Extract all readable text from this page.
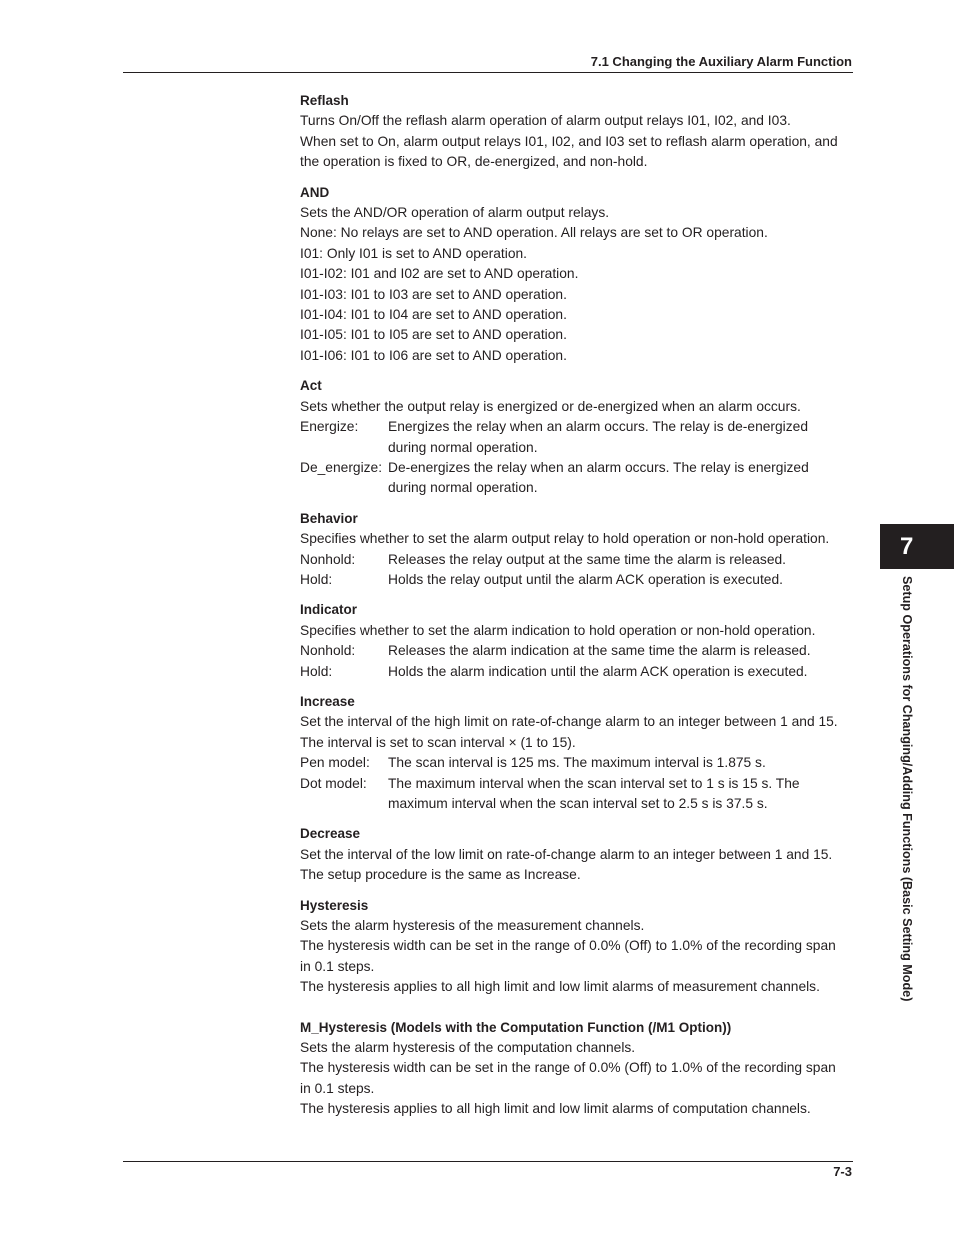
7.1 Changing the Auxiliary Alarm Function
Reflash
Turns On/Off the reflash alarm operation of alarm output relays I01, I02, and I03.
When set to On, alarm output relays I01, I02, and I03 set to reflash alarm operation, and
the operation is fixed to OR, de-energized, and non-hold.
AND
Sets the AND/OR operation of alarm output relays.
None: No relays are set to AND operation. All relays are set to OR operation.
I01: Only I01 is set to AND operation.
I01-I02: I01 and I02 are set to AND operation.
I01-I03: I01 to I03 are set to AND operation.
I01-I04: I01 to I04 are set to AND operation.
I01-I05: I01 to I05 are set to AND operation.
I01-I06: I01 to I06 are set to AND operation.
Act
Sets whether the output relay is energized or de-energized when an alarm occurs.
Energize:	Energizes the relay when an alarm occurs. The relay is de-energized
during normal operation.
De_energize: De-energizes the relay when an alarm occurs. The relay is energized
during normal operation.
Behavior
Specifies whether to set the alarm output relay to hold operation or non-hold operation.
Nonhold:	Releases the relay output at the same time the alarm is released.
Hold:	Holds the relay output until the alarm ACK operation is executed.
Indicator
Specifies whether to set the alarm indication to hold operation or non-hold operation.
Nonhold:	Releases the alarm indication at the same time the alarm is released.
Hold:	Holds the alarm indication until the alarm ACK operation is executed.
Increase
Set the interval of the high limit on rate-of-change alarm to an integer between 1 and 15.
The interval is set to scan interval × (1 to 15).
Pen model:	The scan interval is 125 ms. The maximum interval is 1.875 s.
Dot model:	The maximum interval when the scan interval set to 1 s is 15 s. The
maximum interval when the scan interval set to 2.5 s is 37.5 s.
Decrease
Set the interval of the low limit on rate-of-change alarm to an integer between 1 and 15.
The setup procedure is the same as Increase.
Hysteresis
Sets the alarm hysteresis of the measurement channels.
The hysteresis width can be set in the range of 0.0% (Off) to 1.0% of the recording span
in 0.1 steps.
The hysteresis applies to all high limit and low limit alarms of measurement channels.
M_Hysteresis (Models with the Computation Function (/M1 Option))
Sets the alarm hysteresis of the computation channels.
The hysteresis width can be set in the range of 0.0% (Off) to 1.0% of the recording span
in 0.1 steps.
The hysteresis applies to all high limit and low limit alarms of computation channels.
7
Setup Operations for Changing/Adding Functions (Basic Setting Mode)
7-3
